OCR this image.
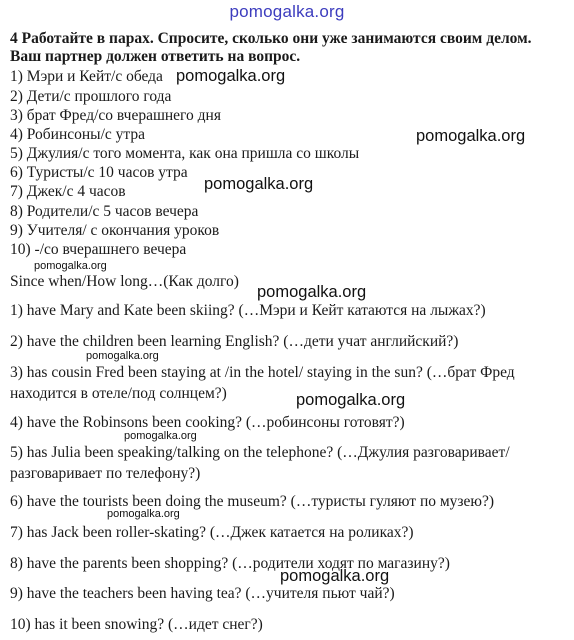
pomogalka.org
4 Работайте в парах. Спросите, сколько они уже занимаются своим делом. Ваш партнер должен ответить на вопрос.
1) Мэри и Кейт/с обеда
2) Дети/с прошлого года
3) брат Фред/со вчерашнего дня
4) Робинсоны/с утра
5) Джулия/с того момента, как она пришла со школы
6) Туристы/с 10 часов утра
7) Джек/с 4 часов
8) Родители/с 5 часов вечера
9) Учителя/ с окончания уроков
10) -/со вчерашнего вечера
Since when/How long…(Как долго)
1) have Mary and Kate been skiing? (…Мэри и Кейт катаются на лыжах?)
2) have the children been learning English? (…дети учат английский?)
3) has cousin Fred been staying at /in the hotel/ staying in the sun? (…брат Фред находится в отеле/под солнцем?)
4) have the Robinsons been cooking? (…робинсоны готовят?)
5) has Julia been speaking/talking on the telephone? (…Джулия разговаривает/разговаривает по телефону?)
6) have the tourists been doing the museum? (…туристы гуляют по музею?)
7) has Jack been roller-skating? (…Джек катается на роликах?)
8) have the parents been shopping? (…родители ходят по магазину?)
9) have the teachers been having tea? (…учителя пьют чай?)
10) has it been snowing? (…идет снег?)
pomogalka.org
pomogalka.org
pomogalka.org
pomogalka.org
pomogalka.org
pomogalka.org
pomogalka.org
pomogalka.org
pomogalka.org
pomogalka.org
